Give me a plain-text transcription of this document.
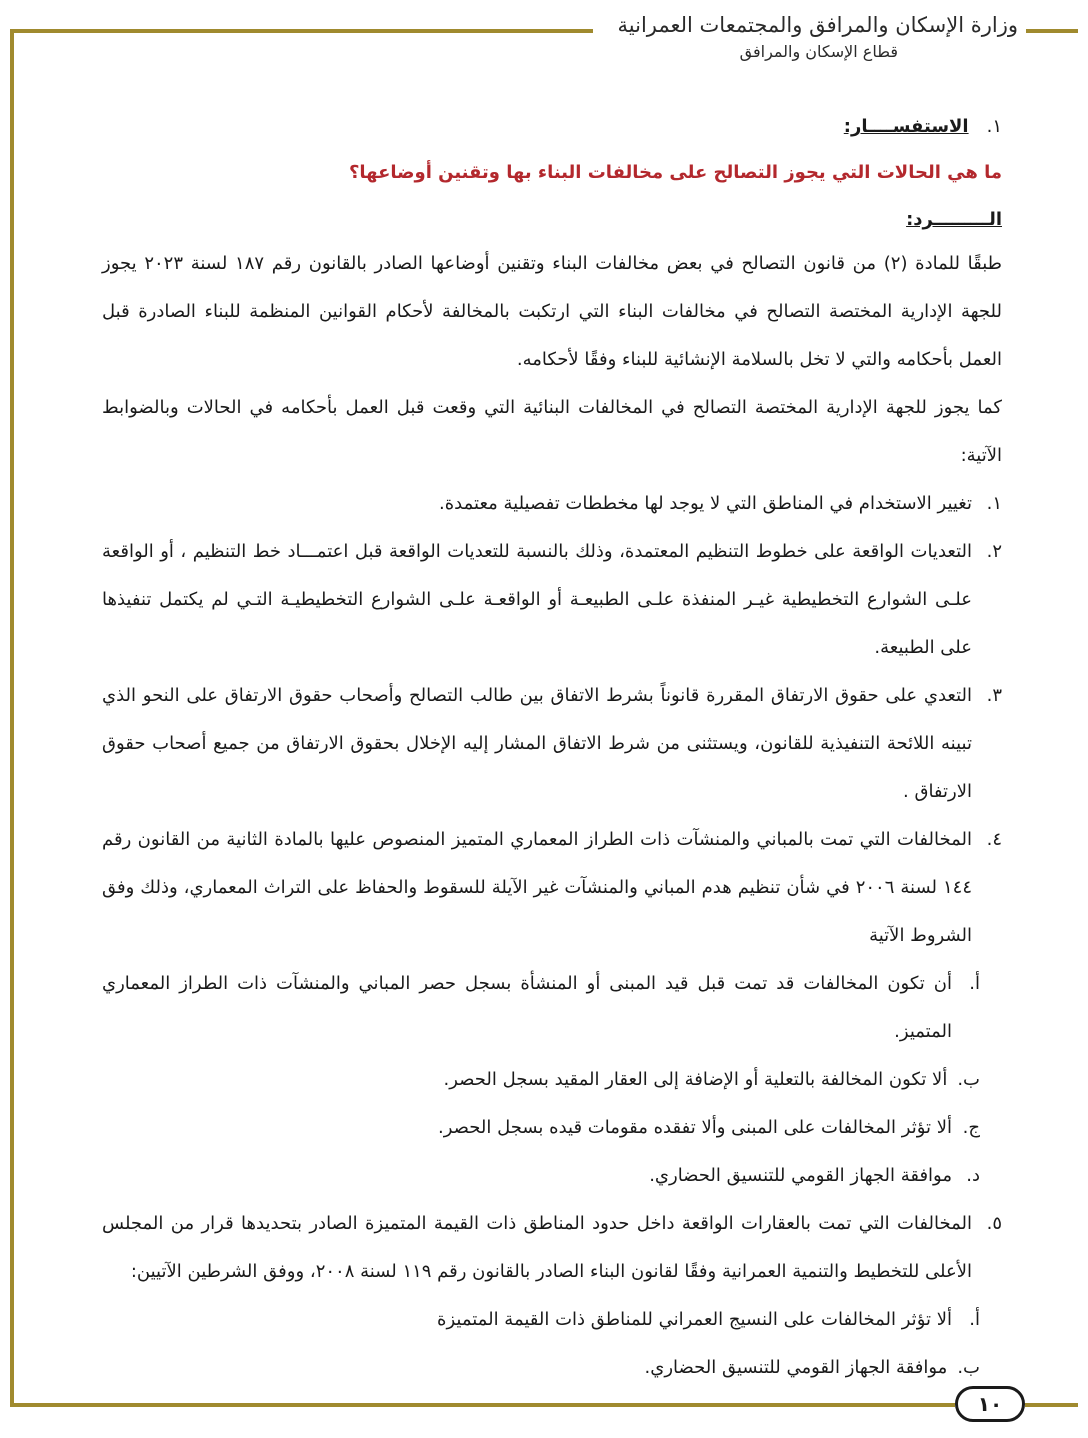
وزارة الإسكان والمرافق والمجتمعات العمرانية
قطاع الإسكان والمرافق
١.
الاستفســــار:
ما هي الحالات التي يجوز التصالح على مخالفات البناء بها وتقنين أوضاعها؟
الـــــــــرد:
طبقًا للمادة (٢) من قانون التصالح في بعض مخالفات البناء وتقنين أوضاعها الصادر بالقانون رقم ١٨٧ لسنة ٢٠٢٣ يجوز للجهة الإدارية المختصة التصالح في مخالفات البناء التي ارتكبت بالمخالفة لأحكام القوانين المنظمة للبناء الصادرة قبل العمل بأحكامه والتي لا تخل بالسلامة الإنشائية للبناء وفقًا لأحكامه.
كما يجوز للجهة الإدارية المختصة التصالح في المخالفات البنائية التي وقعت قبل العمل بأحكامه في الحالات وبالضوابط الآتية:
١.
تغيير الاستخدام في المناطق التي لا يوجد لها مخططات تفصيلية معتمدة.
٢.
التعديات الواقعة على خطوط التنظيم المعتمدة، وذلك بالنسبة للتعديات الواقعة قبل اعتمـــاد خط التنظيم ، أو الواقعة علـى الشوارع التخطيطية غيـر المنفذة علـى الطبيعـة أو الواقعـة علـى الشوارع التخطيطيـة التـي لم يكتمل تنفيذها على الطبيعة.
٣.
التعدي على حقوق الارتفاق المقررة قانوناً بشرط الاتفاق بين طالب التصالح وأصحاب حقوق الارتفاق على النحو الذي تبينه اللائحة التنفيذية للقانون، ويستثنى من شرط الاتفاق المشار إليه الإخلال بحقوق الارتفاق من جميع أصحاب حقوق الارتفاق .
٤.
المخالفات التي تمت بالمباني والمنشآت ذات الطراز المعماري المتميز المنصوص عليها بالمادة الثانية من القانون رقم ١٤٤ لسنة ٢٠٠٦ في شأن تنظيم هدم المباني والمنشآت غير الآيلة للسقوط والحفاظ على التراث المعماري، وذلك وفق الشروط الآتية
أ.
أن تكون المخالفات قد تمت قبل قيد المبنى أو المنشأة بسجل حصر المباني والمنشآت ذات الطراز المعماري المتميز.
ب.
ألا تكون المخالفة بالتعلية أو الإضافة إلى العقار المقيد بسجل الحصر.
ج.
ألا تؤثر المخالفات على المبنى وألا تفقده مقومات قيده بسجل الحصر.
د.
موافقة الجهاز القومي للتنسيق الحضاري.
٥.
المخالفات التي تمت بالعقارات الواقعة داخل حدود المناطق ذات القيمة المتميزة الصادر بتحديدها قرار من المجلس الأعلى للتخطيط والتنمية العمرانية وفقًا لقانون البناء الصادر بالقانون رقم ١١٩ لسنة ٢٠٠٨، ووفق الشرطين الآتيين:
أ.
ألا تؤثر المخالفات على النسيج العمراني للمناطق ذات القيمة المتميزة
ب.
موافقة الجهاز القومي للتنسيق الحضاري.
١٠
